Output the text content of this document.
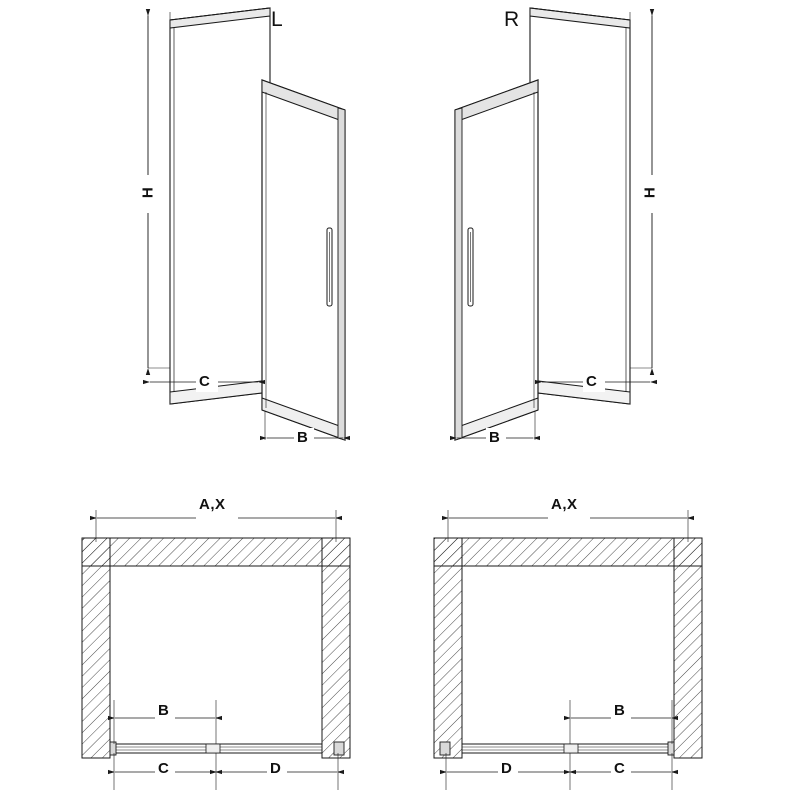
L	R
H	H
C
B
C
B
A,X	A,X
B
C	D
B
D	C
